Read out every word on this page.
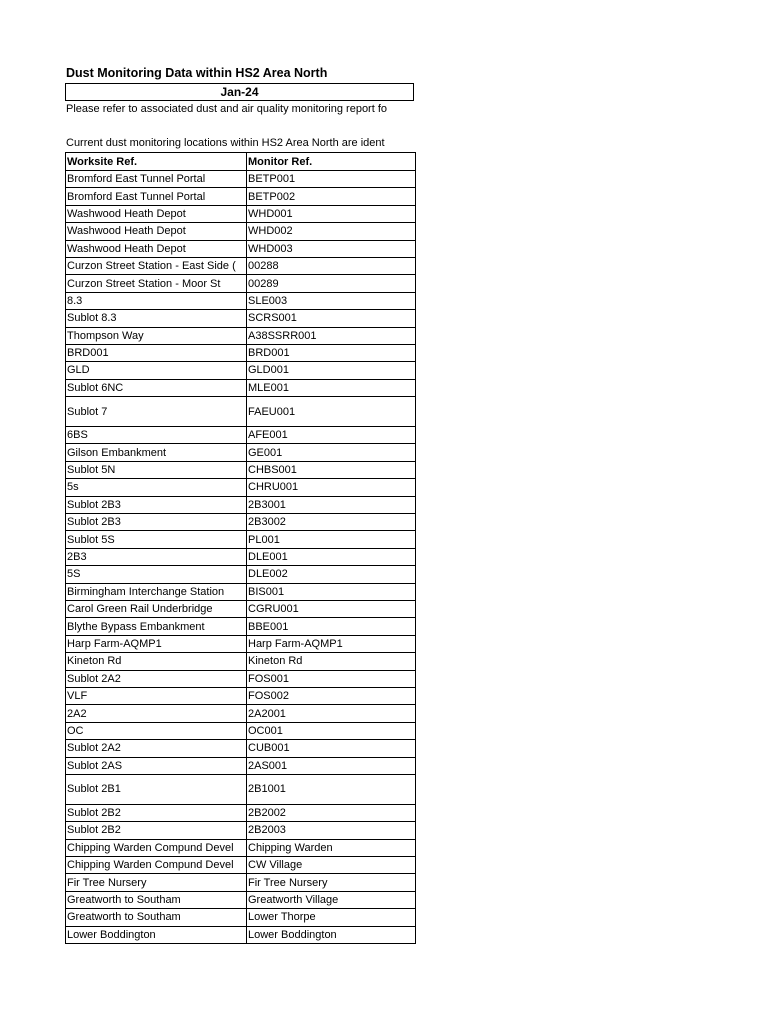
Dust Monitoring Data within HS2 Area North
Jan-24
Please refer to associated dust and air quality monitoring report fo
Current dust monitoring locations within HS2 Area North are ident
Worksite Ref.	Monitor Ref.
Bromford East Tunnel Portal	BETP001
Bromford East Tunnel Portal	BETP002
Washwood Heath Depot	WHD001
Washwood Heath Depot	WHD002
Washwood Heath Depot	WHD003
Curzon Street Station - East Side (	00288
Curzon Street Station - Moor St	00289
8.3	SLE003
Sublot 8.3	SCRS001
Thompson Way	A38SSRR001
BRD001	BRD001
GLD	GLD001
Sublot 6NC	MLE001
Sublot 7	FAEU001
6BS	AFE001
Gilson Embankment	GE001
Sublot 5N	CHBS001
5s	CHRU001
Sublot 2B3	2B3001
Sublot 2B3	2B3002
Sublot 5S	PL001
2B3	DLE001
5S	DLE002
Birmingham Interchange Station	BIS001
Carol Green Rail Underbridge	CGRU001
Blythe Bypass Embankment	BBE001
Harp Farm-AQMP1	Harp Farm-AQMP1
Kineton Rd	Kineton Rd
Sublot 2A2	FOS001
VLF	FOS002
2A2	2A2001
OC	OC001
Sublot 2A2	CUB001
Sublot 2AS	2AS001
Sublot 2B1	2B1001
Sublot 2B2	2B2002
Sublot 2B2	2B2003
Chipping Warden Compund Devel	Chipping Warden
Chipping Warden Compund Devel	CW Village
Fir Tree Nursery	Fir Tree Nursery
Greatworth to Southam	Greatworth Village
Greatworth to Southam	Lower Thorpe
Lower Boddington	Lower Boddington
